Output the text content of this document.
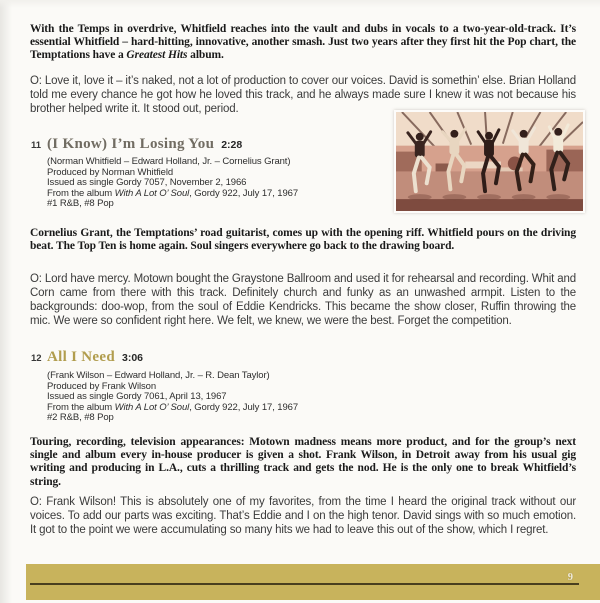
With the Temps in overdrive, Whitfield reaches into the vault and dubs in vocals to a two-year-old-track. It’s essential Whitfield – hard-hitting, innovative, another smash. Just two years after they first hit the Pop chart, the Temptations have a Greatest Hits album.

O: Love it, love it – it’s naked, not a lot of production to cover our voices. David is somethin’ else. Brian Holland told me every chance he got how he loved this track, and he always made sure I knew it was not because his brother helped write it. It stood out, period.

11 (I Know) I’m Losing You 2:28
(Norman Whitfield – Edward Holland, Jr. – Cornelius Grant)
Produced by Norman Whitfield
Issued as single Gordy 7057, November 2, 1966
From the album With A Lot O’ Soul, Gordy 922, July 17, 1967
#1 R&B, #8 Pop

Cornelius Grant, the Temptations’ road guitarist, comes up with the opening riff. Whitfield pours on the driving beat. The Top Ten is home again. Soul singers everywhere go back to the drawing board.

O: Lord have mercy. Motown bought the Graystone Ballroom and used it for rehearsal and recording. Whit and Corn came from there with this track. Definitely church and funky as an unwashed armpit. Listen to the backgrounds: doo-wop, from the soul of Eddie Kendricks. This became the show closer, Ruffin throwing the mic. We were so confident right here. We felt, we knew, we were the best. Forget the competition.

12 All I Need 3:06
(Frank Wilson – Edward Holland, Jr. – R. Dean Taylor)
Produced by Frank Wilson
Issued as single Gordy 7061, April 13, 1967
From the album With A Lot O’ Soul, Gordy 922, July 17, 1967
#2 R&B, #8 Pop

Touring, recording, television appearances: Motown madness means more product, and for the group’s next single and album every in-house producer is given a shot. Frank Wilson, in Detroit away from his usual gig writing and producing in L.A., cuts a thrilling track and gets the nod. He is the only one to break Whitfield’s string.

O: Frank Wilson! This is absolutely one of my favorites, from the time I heard the original track without our voices. To add our parts was exciting. That’s Eddie and I on the high tenor. David sings with so much emotion. It got to the point we were accumulating so many hits we had to leave this out of the show, which I regret.

9
